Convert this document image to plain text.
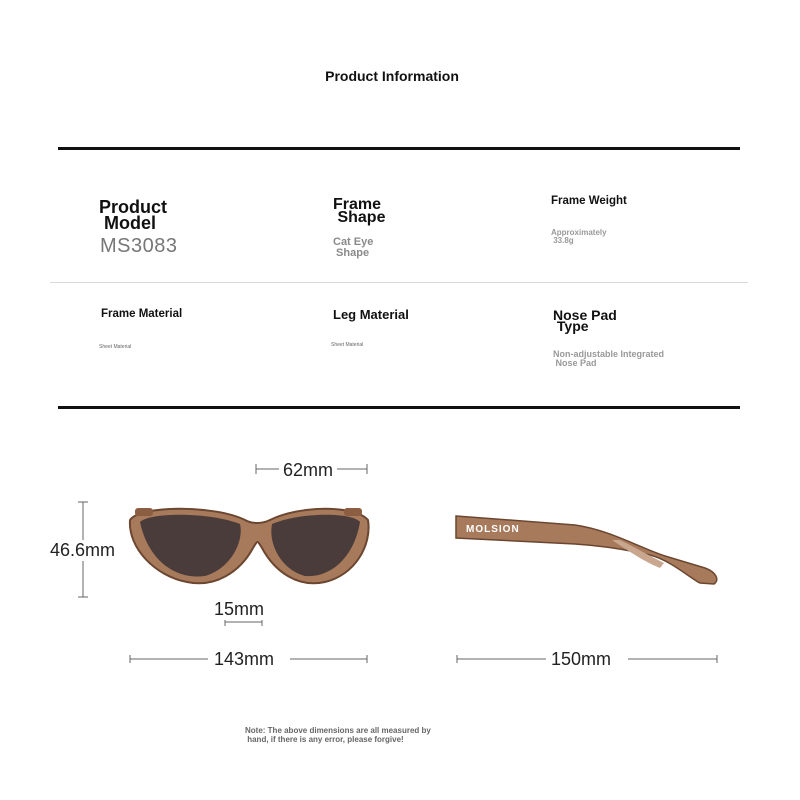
Product Information
Product
Model
MS3083
Frame
Shape
Cat Eye
Shape
Frame Weight
Approximately
33.8g
Frame Material
Sheet Material
Leg Material
Sheet Material
Nose Pad
Type
Non-adjustable Integrated
Nose Pad
62mm
46.6mm
15mm
143mm	150mm
MOLSION
Note: The above dimensions are all measured by
hand, if there is any error, please forgive!
